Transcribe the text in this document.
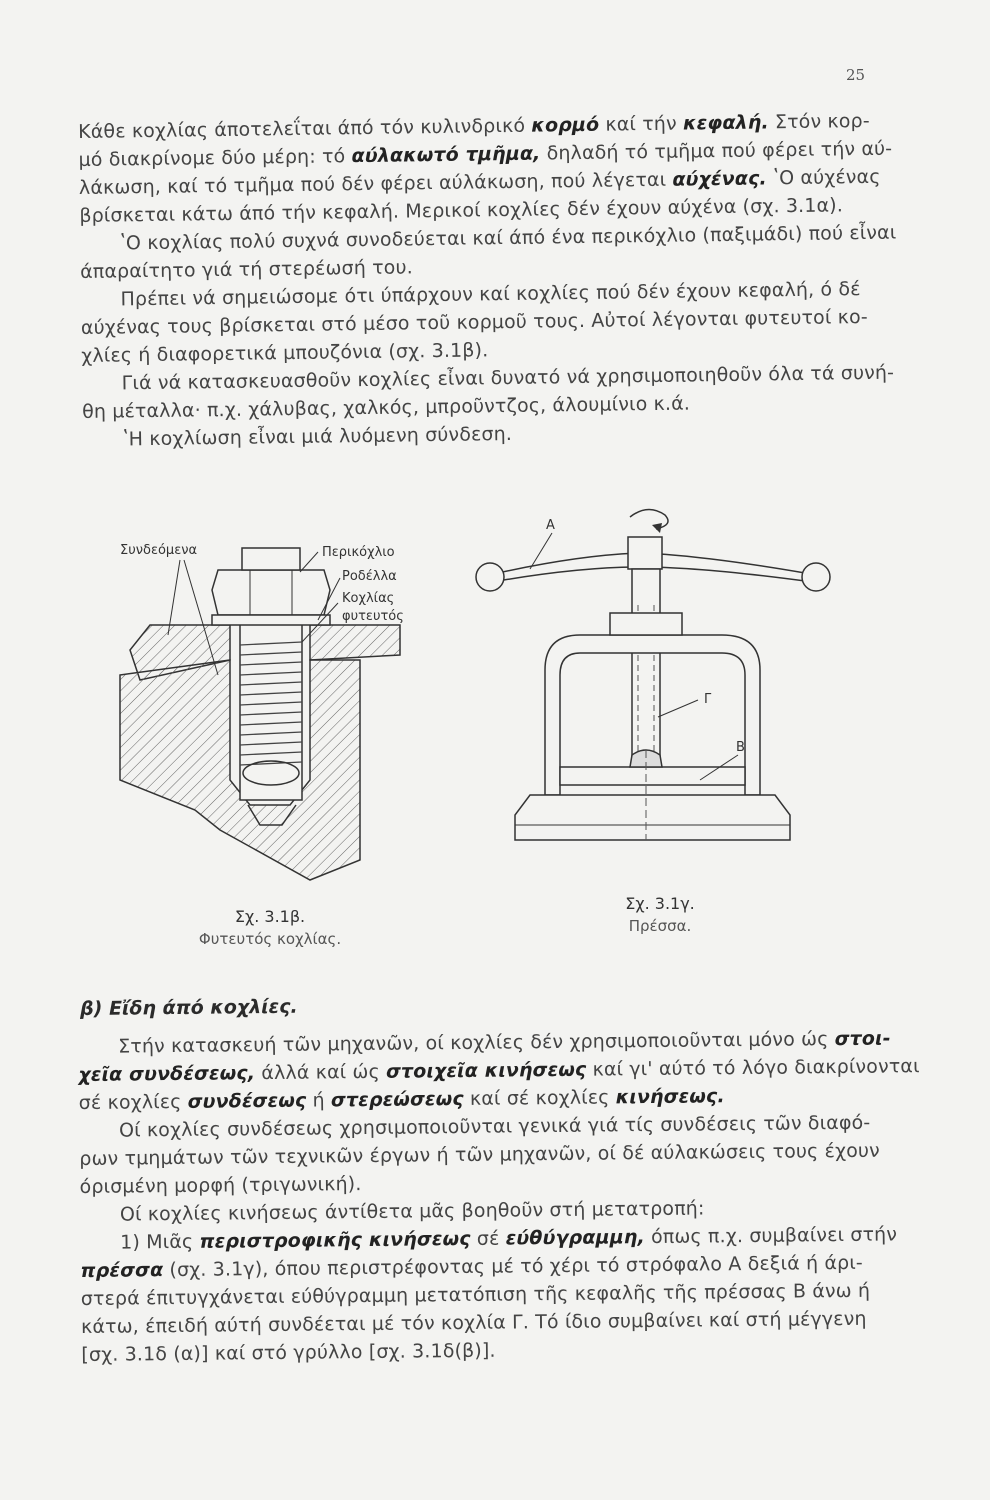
25
Κάθε κοχλίας άποτελεΐται άπό τόν κυλινδρικό κορμό καί τήν κεφαλή. Στόν κορ-
μό διακρίνομε δύο μέρη: τό αύλακωτό τμῆμα, δηλαδή τό τμῆμα πού φέρει τήν αύ-
λάκωση, καί τό τμῆμα πού δέν φέρει αύλάκωση, πού λέγεται αύχένας. ʽΟ αύχένας
βρίσκεται κάτω άπό τήν κεφαλή. Μερικοί κοχλίες δέν έχουν αύχένα (σχ. 3.1α).
ʽΟ κοχλίας πολύ συχνά συνοδεύεται καί άπό ένα περικόχλιο (παξιμάδι) πού εἶναι
άπαραίτητο γιά τή στερέωσή του.
Πρέπει νά σημειώσομε ότι ύπάρχουν καί κοχλίες πού δέν έχουν κεφαλή, ό δέ
αύχένας τους βρίσκεται στό μέσο τοῦ κορμοῦ τους. Αὐτοί λέγονται φυτευτοί κο-
χλίες ή διαφορετικά μπουζόνια (σχ. 3.1β).
Γιά νά κατασκευασθοῦν κοχλίες εἶναι δυνατό νά χρησιμοποιηθοῦν όλα τά συνή-
θη μέταλλα· π.χ. χάλυβας, χαλκός, μπροῦντζος, άλουμίνιο κ.ά.
ʽΗ κοχλίωση εἶναι μιά λυόμενη σύνδεση.
Συνδεόμενα	Περικόχλιο
Ροδέλλα
Κοχλίας
φυτευτός
Σχ. 3.1β.
Φυτευτός κοχλίας.
Α
Γ
Β
Σχ. 3.1γ.
Πρέσσα.
β) Εἴδη άπό κοχλίες.
Στήν κατασκευή τῶν μηχανῶν, οί κοχλίες δέν χρησιμοποιοῦνται μόνο ώς στοι-
χεῖα συνδέσεως, άλλά καί ώς στοιχεῖα κινήσεως καί γι' αύτό τό λόγο διακρίνονται
σέ κοχλίες συνδέσεως ή στερεώσεως καί σέ κοχλίες κινήσεως.
Οί κοχλίες συνδέσεως χρησιμοποιοῦνται γενικά γιά τίς συνδέσεις τῶν διαφό-
ρων τμημάτων τῶν τεχνικῶν έργων ή τῶν μηχανῶν, οί δέ αύλακώσεις τους έχουν
όρισμένη μορφή (τριγωνική).
Οί κοχλίες κινήσεως άντίθετα μᾶς βοηθοῦν στή μετατροπή:
1) Μιᾶς περιστροφικῆς κινήσεως σέ εύθύγραμμη, όπως π.χ. συμβαίνει στήν
πρέσσα (σχ. 3.1γ), όπου περιστρέφοντας μέ τό χέρι τό στρόφαλο Α δεξιά ή άρι-
στερά έπιτυγχάνεται εύθύγραμμη μετατόπιση τῆς κεφαλῆς τῆς πρέσσας Β άνω ή
κάτω, έπειδή αύτή συνδέεται μέ τόν κοχλία Γ. Τό ίδιο συμβαίνει καί στή μέγγενη
[σχ. 3.1δ (α)] καί στό γρύλλο [σχ. 3.1δ(β)].
